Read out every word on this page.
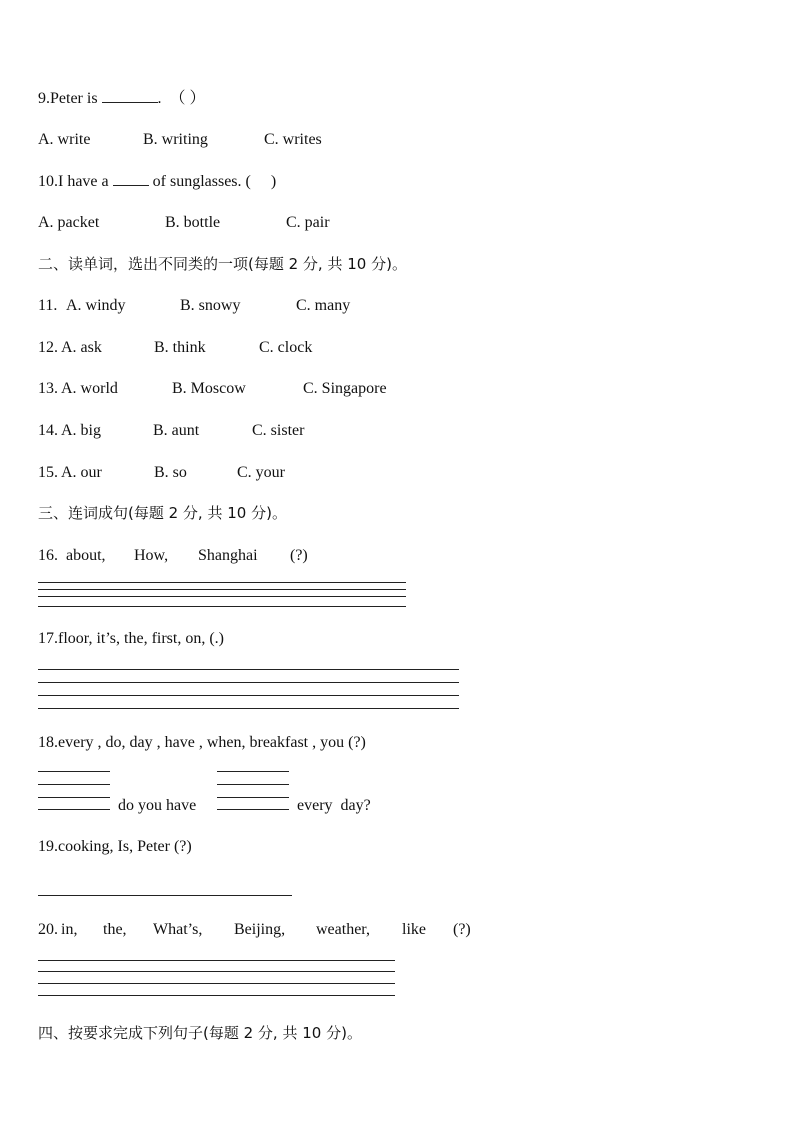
9.Peter is	.  （ ）
A. write	B. writing	C. writes
10.I have a  of sunglasses. (     )
A. packet	B. bottle	C. pair
二、读单词，选出不同类的一项(每题 2 分, 共 10 分)。
11. A. windy	B. snowy	C. many
12. A. ask	B. think	C. clock
13. A. world	B. Moscow	C. Singapore
14. A. big	B. aunt	C. sister
15. A. our	B. so	C. your
三、连词成句(每题 2 分, 共 10 分)。
16. about, How, Shanghai (?)
17.floor, it’s, the, first, on, (.)
18.every , do, day , have , when, breakfast , you (?)
do you have	every  day?
19.cooking, Is, Peter (?)
20. in, the, What’s, Beijing, weather, like (?)
四、按要求完成下列句子(每题 2 分, 共 10 分)。
